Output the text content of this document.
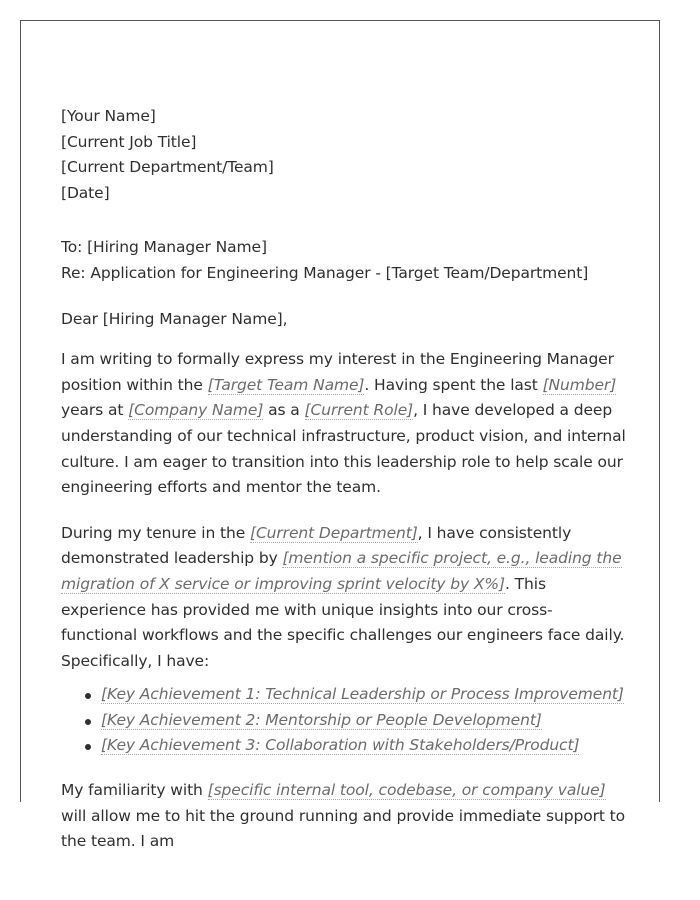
[Your Name]
[Current Job Title]
[Current Department/Team]
[Date]
To: [Hiring Manager Name]
Re: Application for Engineering Manager - [Target Team/Department]
Dear [Hiring Manager Name],

I am writing to formally express my interest in the Engineering Manager position within the [Target Team Name]. Having spent the last [Number] years at [Company Name] as a [Current Role], I have developed a deep understanding of our technical infrastructure, product vision, and internal culture. I am eager to transition into this leadership role to help scale our engineering efforts and mentor the team.

During my tenure in the [Current Department], I have consistently demonstrated leadership by [mention a specific project, e.g., leading the migration of X service or improving sprint velocity by X%]. This experience has provided me with unique insights into our cross-functional workflows and the specific challenges our engineers face daily. Specifically, I have:

[Key Achievement 1: Technical Leadership or Process Improvement]
[Key Achievement 2: Mentorship or People Development]
[Key Achievement 3: Collaboration with Stakeholders/Product]

My familiarity with [specific internal tool, codebase, or company value] will allow me to hit the ground running and provide immediate support to the team. I am
